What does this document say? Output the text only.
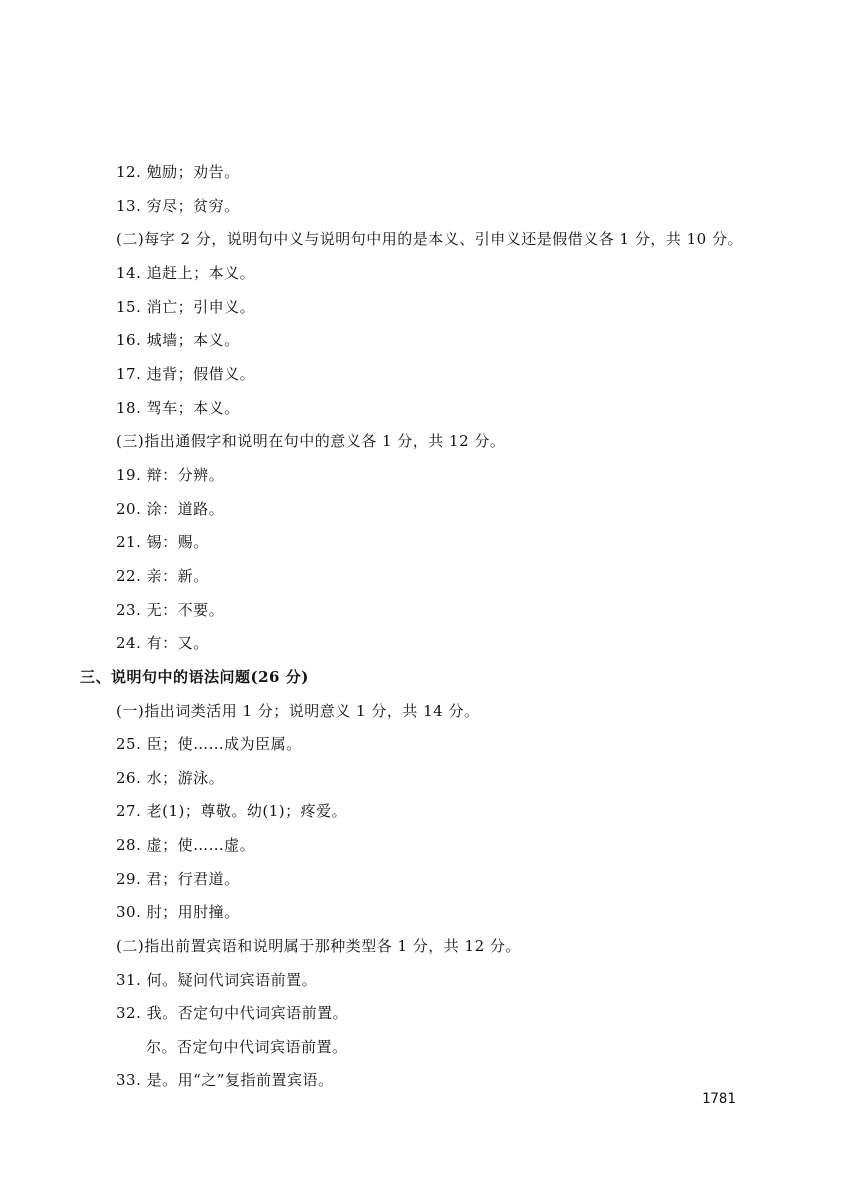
12. 勉励；劝告。
13. 穷尽；贫穷。
(二)每字 2 分，说明句中义与说明句中用的是本义、引申义还是假借义各 1 分，共 10 分。
14. 追赶上；本义。
15. 消亡；引申义。
16. 城墙；本义。
17. 违背；假借义。
18. 驾车；本义。
(三)指出通假字和说明在句中的意义各 1 分，共 12 分。
19. 辩：分辨。
20. 涂：道路。
21. 锡：赐。
22. 亲：新。
23. 无：不要。
24. 有：又。
三、说明句中的语法问题(26 分)
(一)指出词类活用 1 分；说明意义 1 分，共 14 分。
25. 臣；使……成为臣属。
26. 水；游泳。
27. 老(1)；尊敬。幼(1)；疼爱。
28. 虚；使……虚。
29. 君；行君道。
30. 肘；用肘撞。
(二)指出前置宾语和说明属于那种类型各 1 分，共 12 分。
31. 何。疑问代词宾语前置。
32. 我。否定句中代词宾语前置。
尔。否定句中代词宾语前置。
33. 是。用“之”复指前置宾语。
1781
